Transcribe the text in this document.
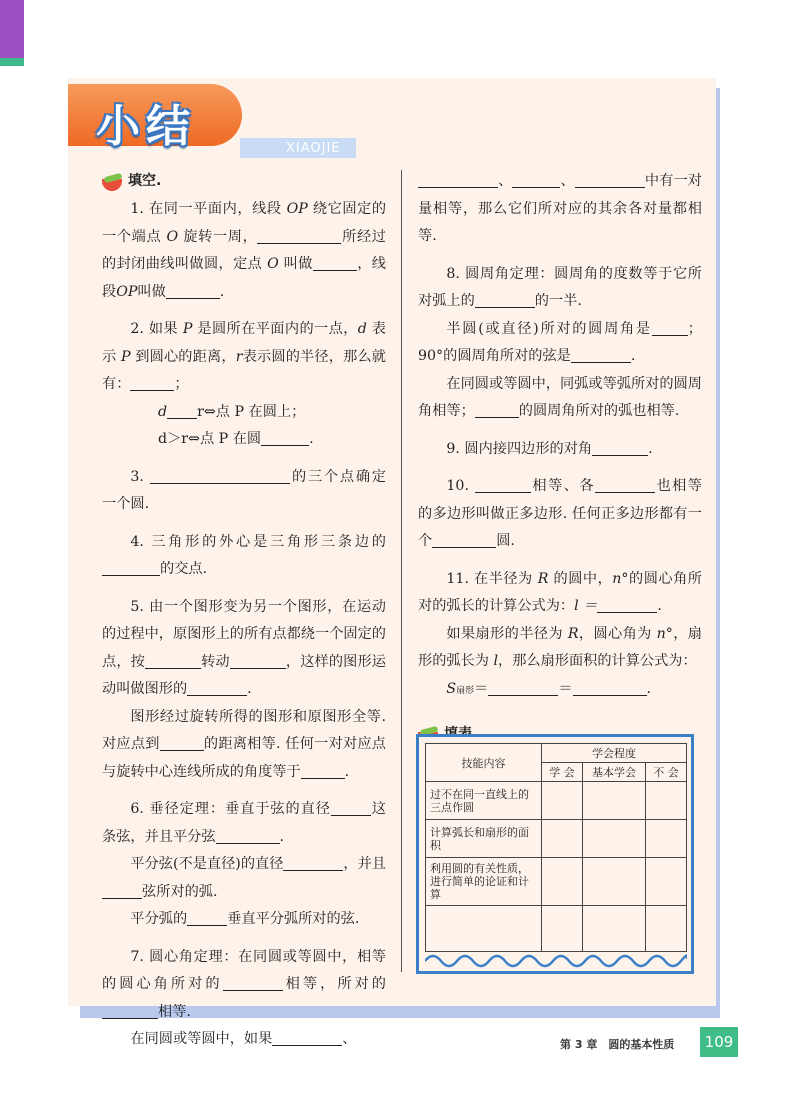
小结	XIAOJIE
填空.
1. 在同一平面内，线段 OP 绕它固定的一个端点 O 旋转一周，	所经过的封闭曲线叫做圆，定点 O 叫做	，线段OP叫做	.
2. 如果 P 是圆所在平面内的一点，d 表示 P 到圆心的距离，r表示圆的半径，那么就有：	；
d r⇔点 P 在圆上；
d＞r⇔点 P 在圆	.
3.	的三个点确定一个圆.
4. 三角形的外心是三角形三条边的的交点.
5. 由一个图形变为另一个图形，在运动的过程中，原图形上的所有点都绕一个固定的点，按	转动	，这样的图形运动叫做图形的	.
图形经过旋转所得的图形和原图形全等. 对应点到	的距离相等. 任何一对对应点与旋转中心连线所成的角度等于	.
6. 垂径定理：垂直于弦的直径	这条弦，并且平分弦	.
平分弦(不是直径)的直径	，并且弦所对的弧.
平分弧的	垂直平分弧所对的弦.
7. 圆心角定理：在同圆或等圆中，相等的圆心角所对的	相等，所对的相等.
在同圆或等圆中，如果	、
、	、	中有一对量相等，那么它们所对应的其余各对量都相等.
8. 圆周角定理：圆周角的度数等于它所对弧上的	的一半.
半圆(或直径)所对的圆周角是	；90°的圆周角所对的弦是	.
在同圆或等圆中，同弧或等弧所对的圆周角相等；	的圆周角所对的弧也相等.
9. 圆内接四边形的对角	.
10.	相等、各	也相等的多边形叫做正多边形. 任何正多边形都有一个	圆.
11. 在半径为 R 的圆中，n°的圆心角所对的弧长的计算公式为：l ＝	.
如果扇形的半径为 R，圆心角为 n°，扇形的弧长为 l，那么扇形面积的计算公式为：
S扇形＝	＝	.
技能内容	学会程度		
	学 会	基本学会	不 会
过不在同一直线上的三点作圆			
计算弧长和扇形的面积			
利用圆的有关性质，进行简单的论证和计算			

第 3 章　圆的基本性质	109
